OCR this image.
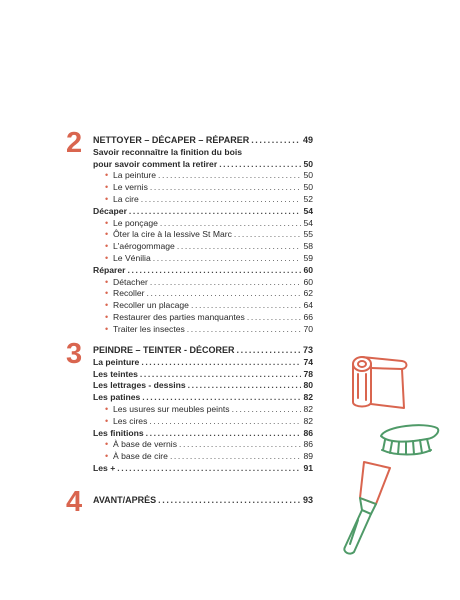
2 NETTOYER – DÉCAPER – RÉPARER .....	49
Savoir reconnaître la finition du bois
pour savoir comment la retirer .....	50
• La peinture .....	50
• Le vernis .....	50
• La cire .....	52
Décaper .....	54
• Le ponçage .....	54
• Ôter la cire à la lessive St Marc .....	55
• L'aérogommage .....	58
• Le Vénilia .....	59
Réparer .....	60
• Détacher .....	60
• Recoller .....	62
• Recoller un placage .....	64
• Restaurer des parties manquantes .....	66
• Traiter les insectes .....	70
3 PEINDRE – TEINTER - DÉCORER .....	73
La peinture .....	74
Les teintes .....	78
Les lettrages - dessins .....	80
Les patines .....	82
• Les usures sur meubles peints .....	82
• Les cires .....	82
Les finitions .....	86
• À base de vernis .....	86
• À base de cire .....	89
Les + .....	91
4 AVANT/APRÈS .....	93
